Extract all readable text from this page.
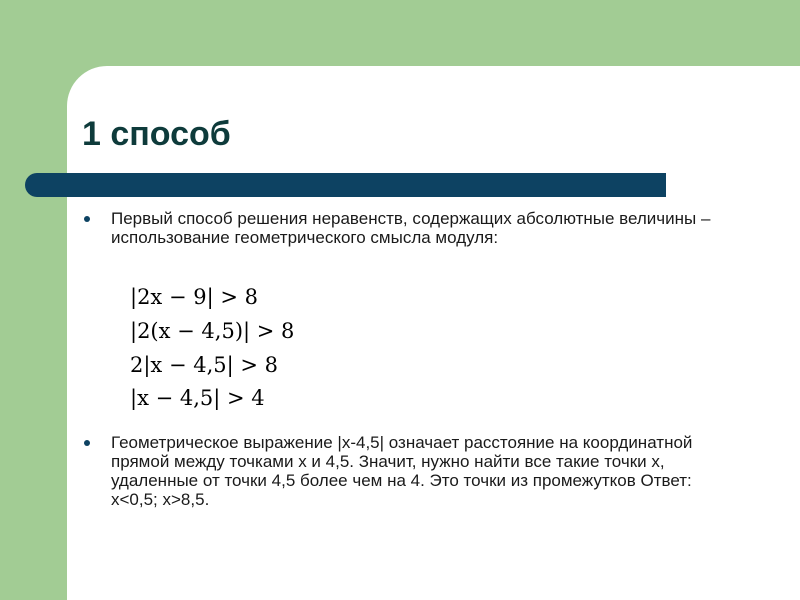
1 способ
Первый способ решения неравенств, содержащих абсолютные величины – использование геометрического смысла модуля:
|2x − 9| > 8
|2(x − 4,5)| > 8
2|x − 4,5| > 8
|x − 4,5| > 4
Геометрическое выражение |x-4,5| означает расстояние на координатной прямой между точками x и 4,5. Значит, нужно найти все такие точки x, удаленные от точки 4,5 более чем на 4. Это точки из промежутков Ответ: x<0,5; x>8,5.
